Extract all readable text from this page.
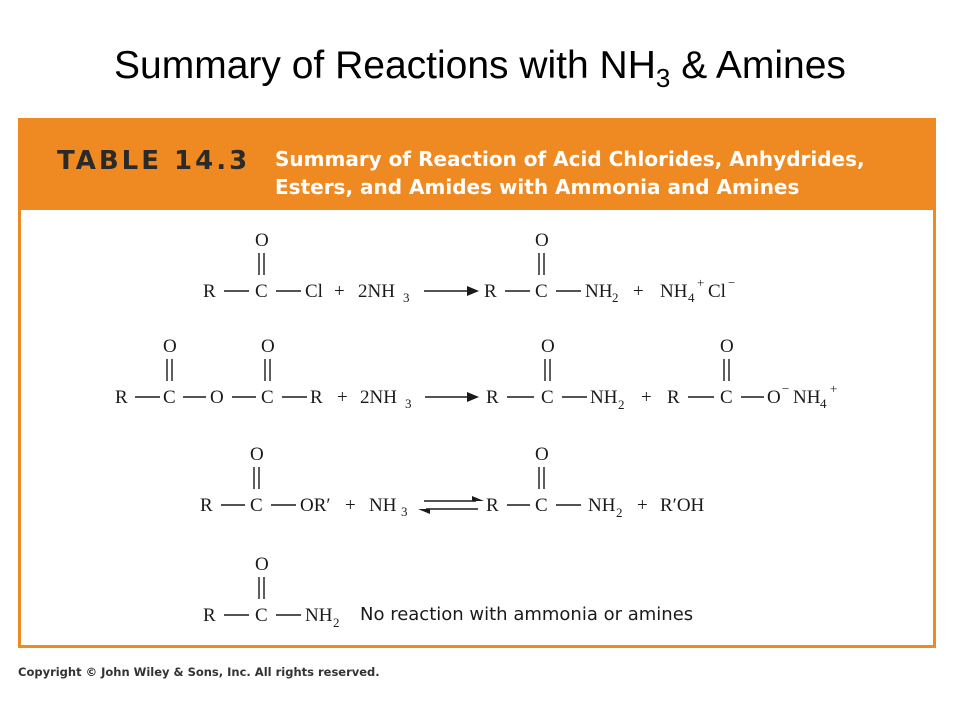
Summary of Reactions with $NH_3$ & Amines
TABLE 14.3 Summary of Reaction of Acid Chlorides, Anhydrides, Esters, and Amides with Ammonia and Amines
O
R C Cl + 2NH 3
O
R C NH 2 + NH 4
+ Cl −
R
O
C O
O
C R + 2NH 3	R
O
C NH 2 + R
O
C O − NH 4
+
O
R C OR′ + NH 3
O
R C NH 2 + R′OH
O
R C NH 2 No reaction with ammonia or amines
Copyright © John Wiley & Sons, Inc. All rights reserved.
